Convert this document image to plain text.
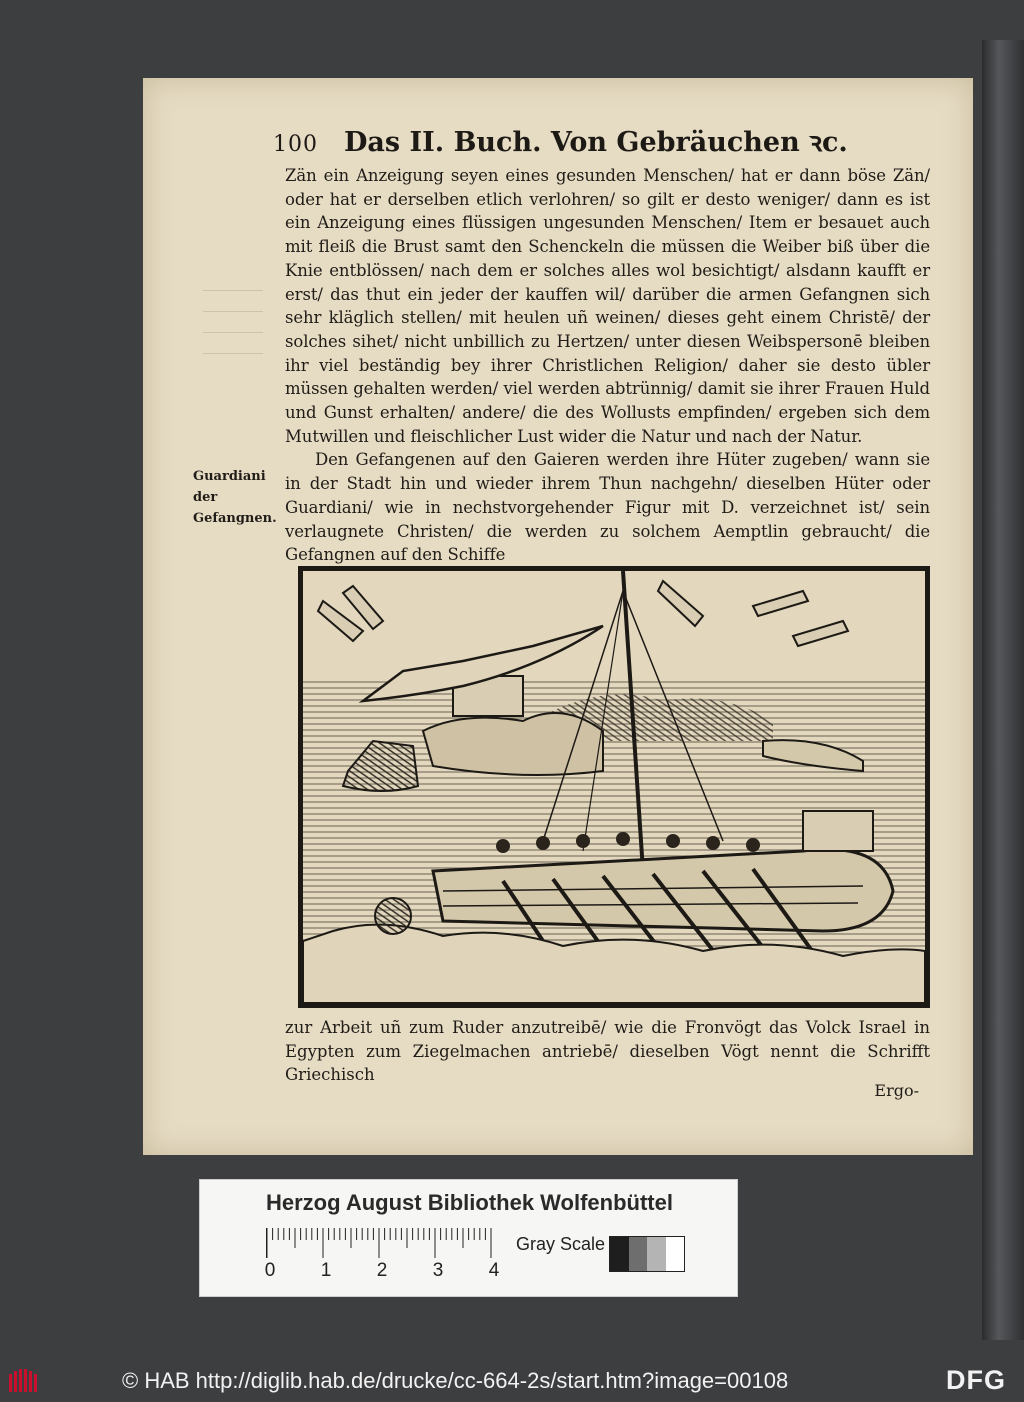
100 Das II. Buch. Von Gebräuchen ꝛc.

Zän ein Anzeigung seyen eines gesunden Menschen/ hat er dann böse Zän/ oder hat er derselben etlich verlohren/ so gilt er desto weniger/ dann es ist ein Anzeigung eines flüssigen ungesunden Menschen/ Item er besauet auch mit fleiß die Brust samt den Schenckeln die müssen die Weiber biß über die Knie entblössen/ nach dem er solches alles wol besichtigt/ alsdann kaufft er erst/ das thut ein jeder der kauffen wil/ darüber die armen Gefangnen sich sehr kläglich stellen/ mit heulen uñ weinen/ dieses geht einem Christē/ der solches sihet/ nicht unbillich zu Hertzen/ unter diesen Weibspersonē bleiben ihr viel beständig bey ihrer Christlichen Religion/ daher sie desto übler müssen gehalten werden/ viel werden abtrünnig/ damit sie ihrer Frauen Huld und Gunst erhalten/ andere/ die des Wollusts empfinden/ ergeben sich dem Mutwillen und fleischlicher Lust wider die Natur und nach der Natur.

Den Gefangenen auf den Gaieren werden ihre Hüter zugeben/ wann sie in der Stadt hin und wieder ihrem Thun nachgehn/ dieselben Hüter oder Guardiani/ wie in nechstvorgehender Figur mit D. verzeichnet ist/ sein verlaugnete Christen/ die werden zu solchem Aemptlin gebraucht/ die Gefangnen auf den Schiffe

Guardiani der Gefangnen.
zur Arbeit uñ zum Ruder anzutreibē/ wie die Fronvögt das Volck Israel in Egypten zum Ziegelmachen antriebē/ dieselben Vögt nennt die Schrifft Griechisch
Ergo-
Herzog August Bibliothek Wolfenbüttel
0 1 2 3 4
Gray Scale
© HAB http://diglib.hab.de/drucke/cc-664-2s/start.htm?image=00108	DFG
